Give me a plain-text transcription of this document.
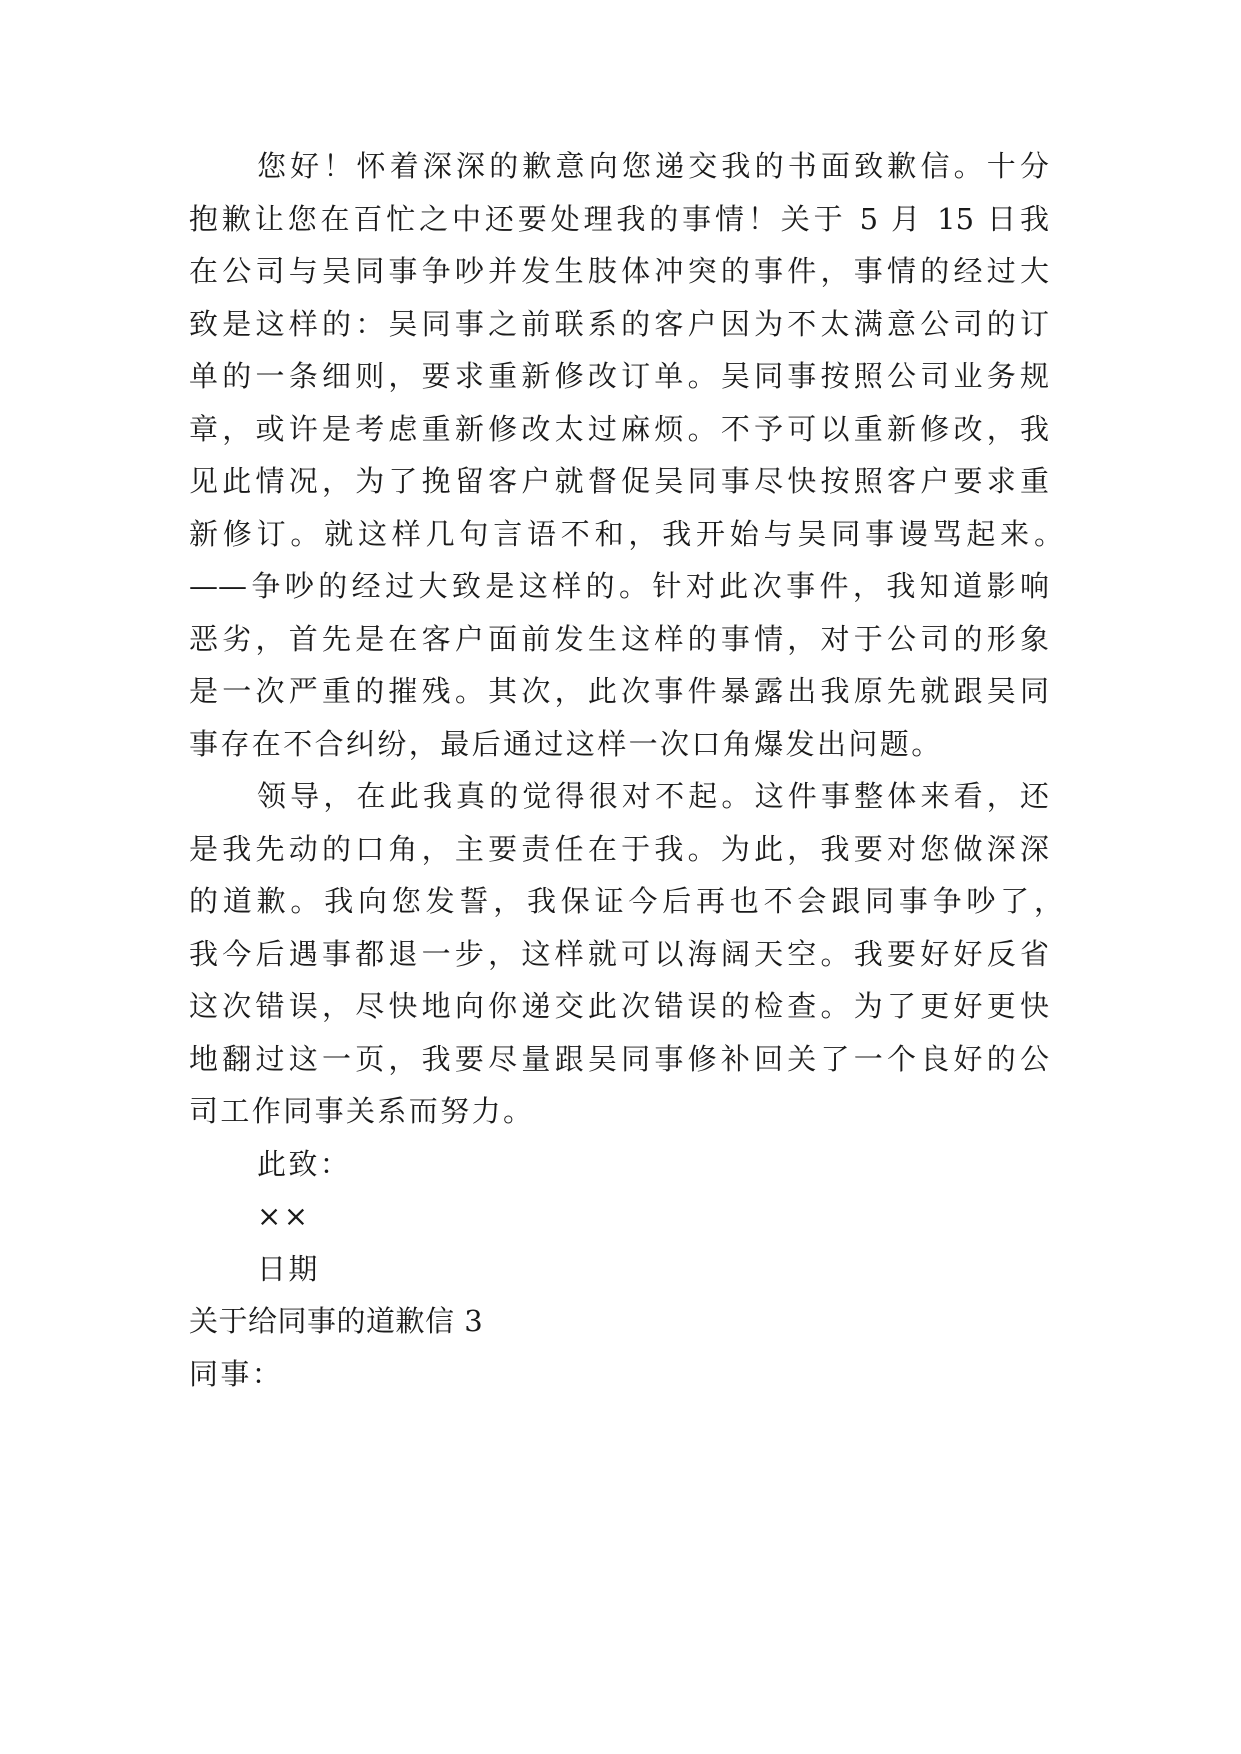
您好！怀着深深的歉意向您递交我的书面致歉信。十分
抱歉让您在百忙之中还要处理我的事情！关于 5 月 15 日我
在公司与吴同事争吵并发生肢体冲突的事件，事情的经过大
致是这样的：吴同事之前联系的客户因为不太满意公司的订
单的一条细则，要求重新修改订单。吴同事按照公司业务规
章，或许是考虑重新修改太过麻烦。不予可以重新修改，我
见此情况，为了挽留客户就督促吴同事尽快按照客户要求重
新修订。就这样几句言语不和，我开始与吴同事谩骂起来。
——争吵的经过大致是这样的。针对此次事件，我知道影响
恶劣，首先是在客户面前发生这样的事情，对于公司的形象
是一次严重的摧残。其次，此次事件暴露出我原先就跟吴同
事存在不合纠纷，最后通过这样一次口角爆发出问题。
领导，在此我真的觉得很对不起。这件事整体来看，还
是我先动的口角，主要责任在于我。为此，我要对您做深深
的道歉。我向您发誓，我保证今后再也不会跟同事争吵了，
我今后遇事都退一步，这样就可以海阔天空。我要好好反省
这次错误，尽快地向你递交此次错误的检查。为了更好更快
地翻过这一页，我要尽量跟吴同事修补回关了一个良好的公
司工作同事关系而努力。
此致：
××
日期
关于给同事的道歉信 3
同事：
